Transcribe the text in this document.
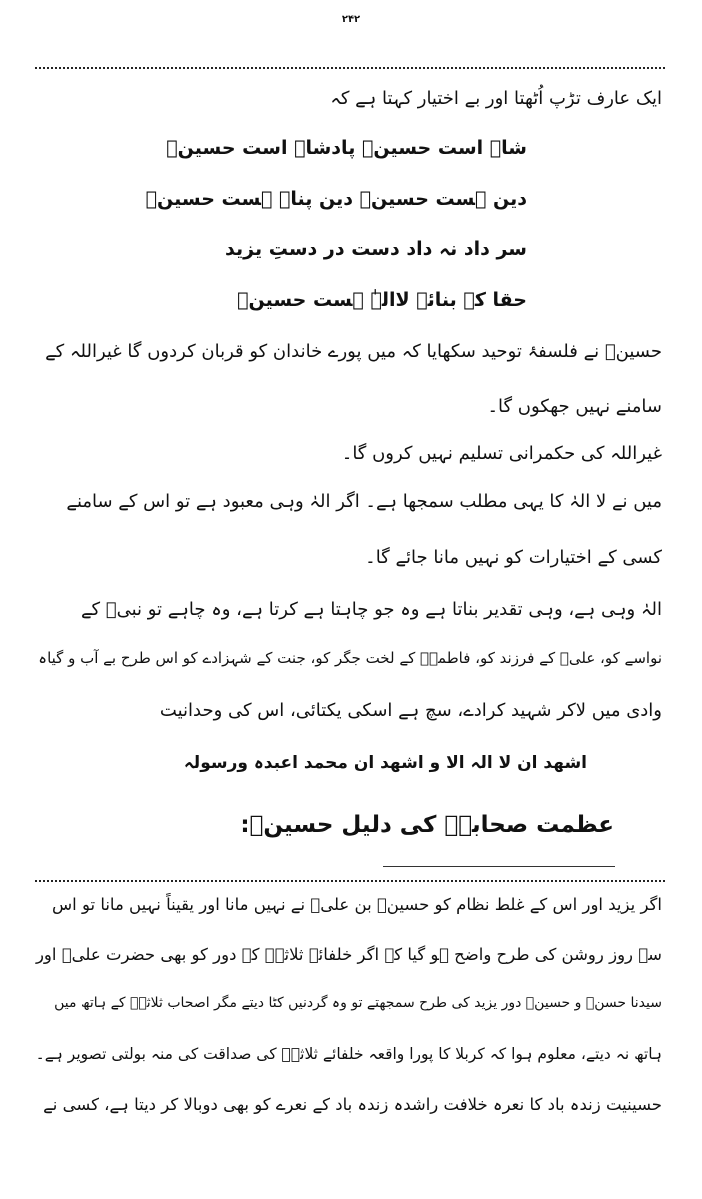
۲۴۲
ایک عارف تڑپ اُٹھتا اور بے اختیار کہتا ہے کہ
شاہ است حسینؓ پادشاہ است حسینؓ
دین ہست حسینؓ دین پناہ ہست حسینؓ
سر داد نہ داد دست در دستِ یزید
حقا کہ بنائے لاالہٰ ہست حسینؓ
حسینؓ نے فلسفۂ توحید سکھایا کہ میں پورے خاندان کو قربان کردوں گا غیراللہ کے
سامنے نہیں جھکوں گا۔
غیراللہ کی حکمرانی تسلیم نہیں کروں گا۔
میں نے لا الہٰ کا یہی مطلب سمجھا ہے۔ اگر الہٰ وہی معبود ہے تو اس کے سامنے
کسی کے اختیارات کو نہیں مانا جائے گا۔
الہٰ وہی ہے، وہی تقدیر بناتا ہے وہ جو چاہتا ہے کرتا ہے، وہ چاہے تو نبیؐ کے
نواسے کو، علیؓ کے فرزند کو، فاطمہؓ کے لخت جگر کو، جنت کے شہزادے کو اس طرح بے آب و گیاہ
وادی میں لاکر شہید کرادے، سچ ہے اسکی یکتائی، اس کی وحدانیت
اشھد ان لا الہ الا و اشھد ان محمد اعبدہ ورسولہ
عظمت صحابہؓ کی دلیل حسینؓ:
اگر یزید اور اس کے غلط نظام کو حسینؓ بن علیؓ نے نہیں مانا اور یقیناً نہیں مانا تو اس
سے روز روشن کی طرح واضح ہو گیا کہ اگر خلفائے ثلاثہؓ کے دور کو بھی حضرت علیؓ اور
سیدنا حسنؓ و حسینؓ دور یزید کی طرح سمجھتے تو وہ گردنیں کٹا دیتے مگر اصحاب ثلاثہؓ کے ہاتھ میں
ہاتھ نہ دیتے، معلوم ہوا کہ کربلا کا پورا واقعہ خلفائے ثلاثہؓ کی صداقت کی منہ بولتی تصویر ہے۔
حسینیت زندہ باد کا نعرہ خلافت راشدہ زندہ باد کے نعرے کو بھی دوبالا کر دیتا ہے، کسی نے
